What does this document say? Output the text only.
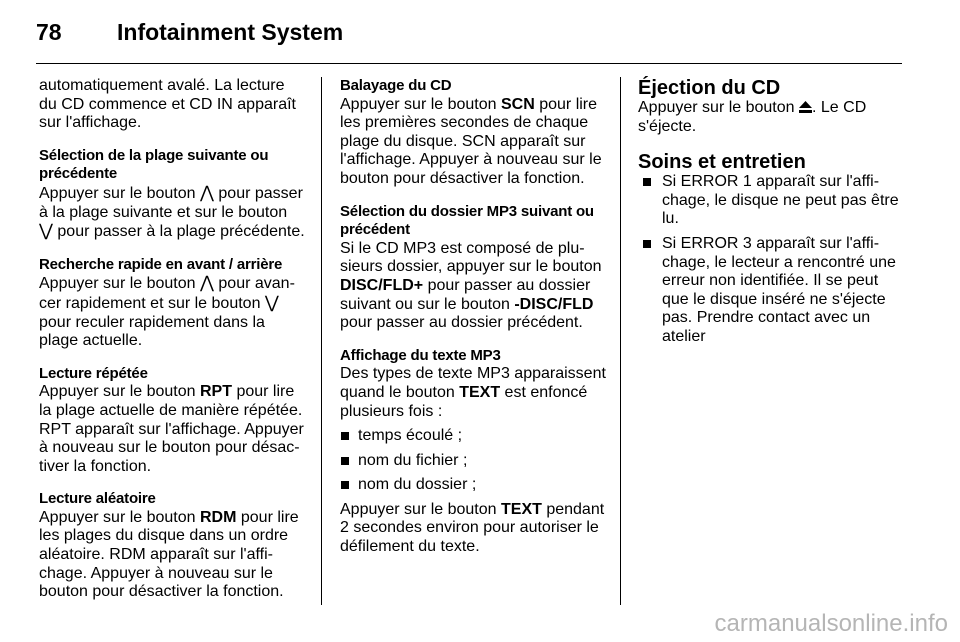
78 Infotainment System

automatiquement avalé. La lecture du CD commence et CD IN apparaît sur l'affichage.

Sélection de la plage suivante ou précédente

Appuyer sur le bouton ⋀ pour passer à la plage suivante et sur le bouton ⋁ pour passer à la plage précédente.

Recherche rapide en avant / arrière

Appuyer sur le bouton ⋀ pour avancer rapidement et sur le bouton ⋁ pour reculer rapidement dans la plage actuelle.

Lecture répétée

Appuyer sur le bouton RPT pour lire la plage actuelle de manière répétée. RPT apparaît sur l'affichage. Appuyer à nouveau sur le bouton pour désactiver la fonction.

Lecture aléatoire

Appuyer sur le bouton RDM pour lire les plages du disque dans un ordre aléatoire. RDM apparaît sur l'affichage. Appuyer à nouveau sur le bouton pour désactiver la fonction.

Balayage du CD

Appuyer sur le bouton SCN pour lire les premières secondes de chaque plage du disque. SCN apparaît sur l'affichage. Appuyer à nouveau sur le bouton pour désactiver la fonction.

Sélection du dossier MP3 suivant ou précédent

Si le CD MP3 est composé de plusieurs dossier, appuyer sur le bouton DISC/FLD+ pour passer au dossier suivant ou sur le bouton -DISC/FLD pour passer au dossier précédent.

Affichage du texte MP3

Des types de texte MP3 apparaissent quand le bouton TEXT est enfoncé plusieurs fois :

temps écoulé ;
nom du fichier ;
nom du dossier ;

Appuyer sur le bouton TEXT pendant 2 secondes environ pour autoriser le défilement du texte.

Éjection du CD

Appuyer sur le bouton . Le CD s'éjecte.

Soins et entretien
Si ERROR 1 apparaît sur l'affichage, le disque ne peut pas être lu.
Si ERROR 3 apparaît sur l'affichage, le lecteur a rencontré une erreur non identifiée. Il se peut que le disque inséré ne s'éjecte pas. Prendre contact avec un atelier
carmanualsonline.info
